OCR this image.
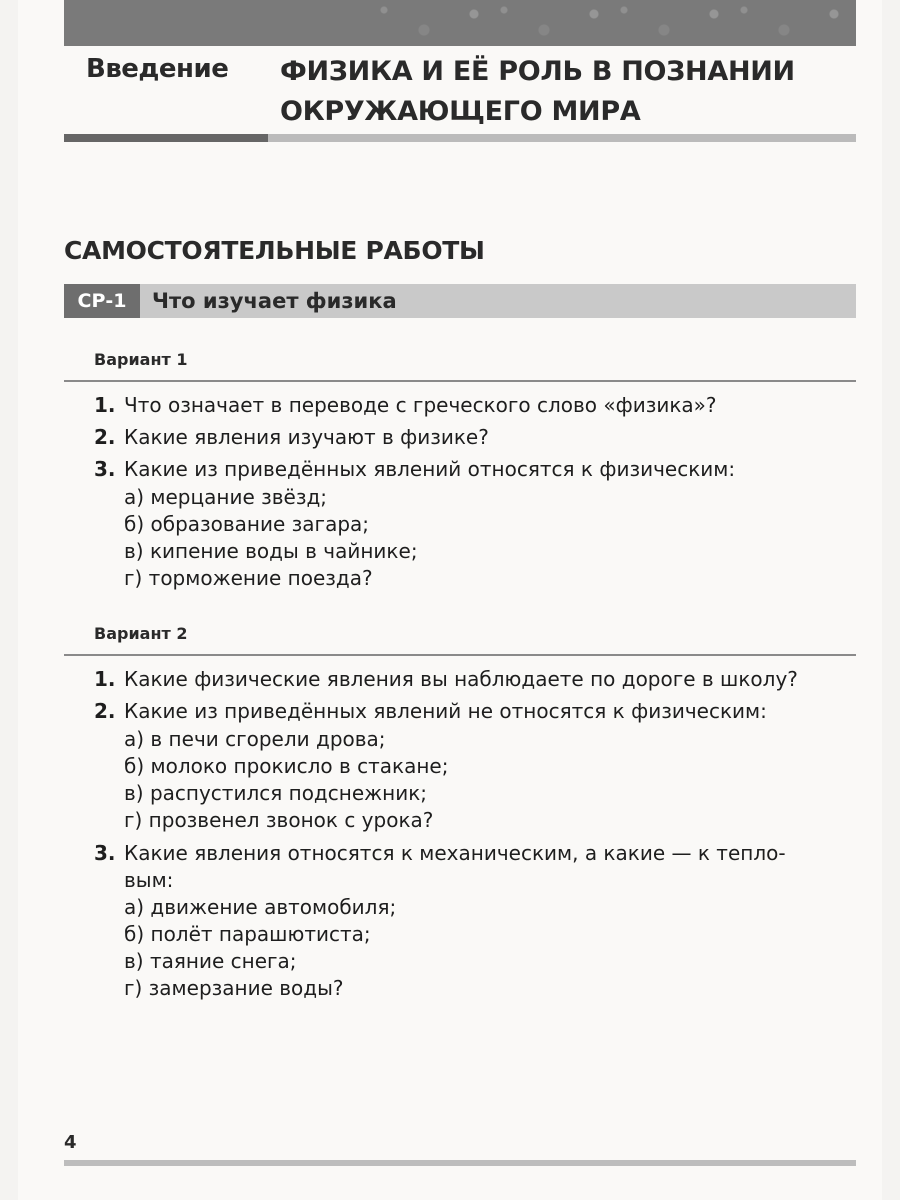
Введение ФИЗИКА И ЕЁ РОЛЬ В ПОЗНАНИИ
ОКРУЖАЮЩЕГО МИРА
САМОСТОЯТЕЛЬНЫЕ РАБОТЫ
СР-1	Что изучает физика
Вариант 1
1. Что означает в переводе с греческого слово «физика»?
2. Какие явления изучают в физике?
3. Какие из приведённых явлений относятся к физическим:
а) мерцание звёзд;
б) образование загара;
в) кипение воды в чайнике;
г) торможение поезда?
Вариант 2
1. Какие физические явления вы наблюдаете по дороге в школу?
2. Какие из приведённых явлений не относятся к физическим:
а) в печи сгорели дрова;
б) молоко прокисло в стакане;
в) распустился подснежник;
г) прозвенел звонок с урока?
3. Какие явления относятся к механическим, а какие — к тепло-
вым:
а) движение автомобиля;
б) полёт парашютиста;
в) таяние снега;
г) замерзание воды?
4
